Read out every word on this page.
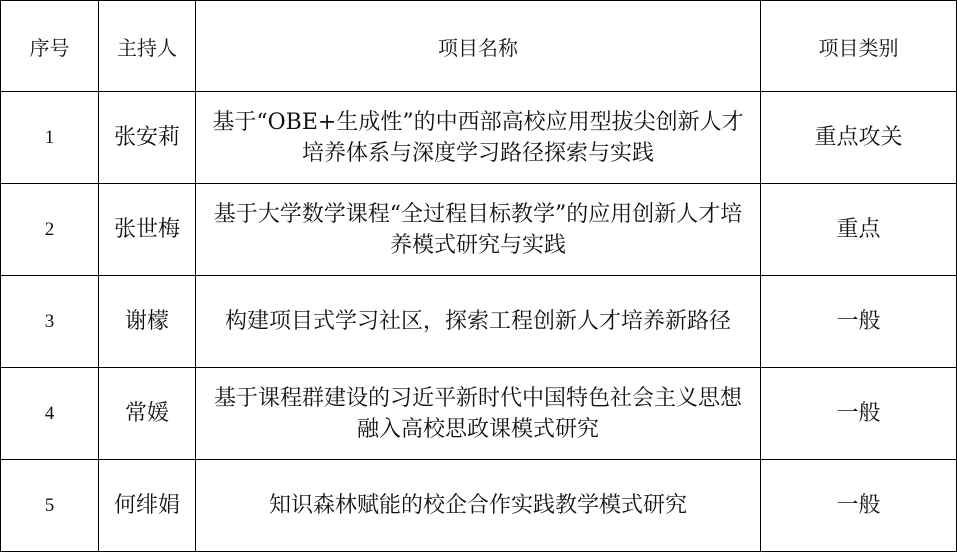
序号	主持人	项目名称	项目类别
1	张安莉	基于“OBE+生成性”的中西部高校应用型拔尖创新人才培养体系与深度学习路径探索与实践	重点攻关
2	张世梅	基于大学数学课程“全过程目标教学”的应用创新人才培养模式研究与实践	重点
3	谢檬	构建项目式学习社区，探索工程创新人才培养新路径	一般
4	常媛	基于课程群建设的习近平新时代中国特色社会主义思想融入高校思政课模式研究	一般
5	何绯娟	知识森林赋能的校企合作实践教学模式研究	一般
